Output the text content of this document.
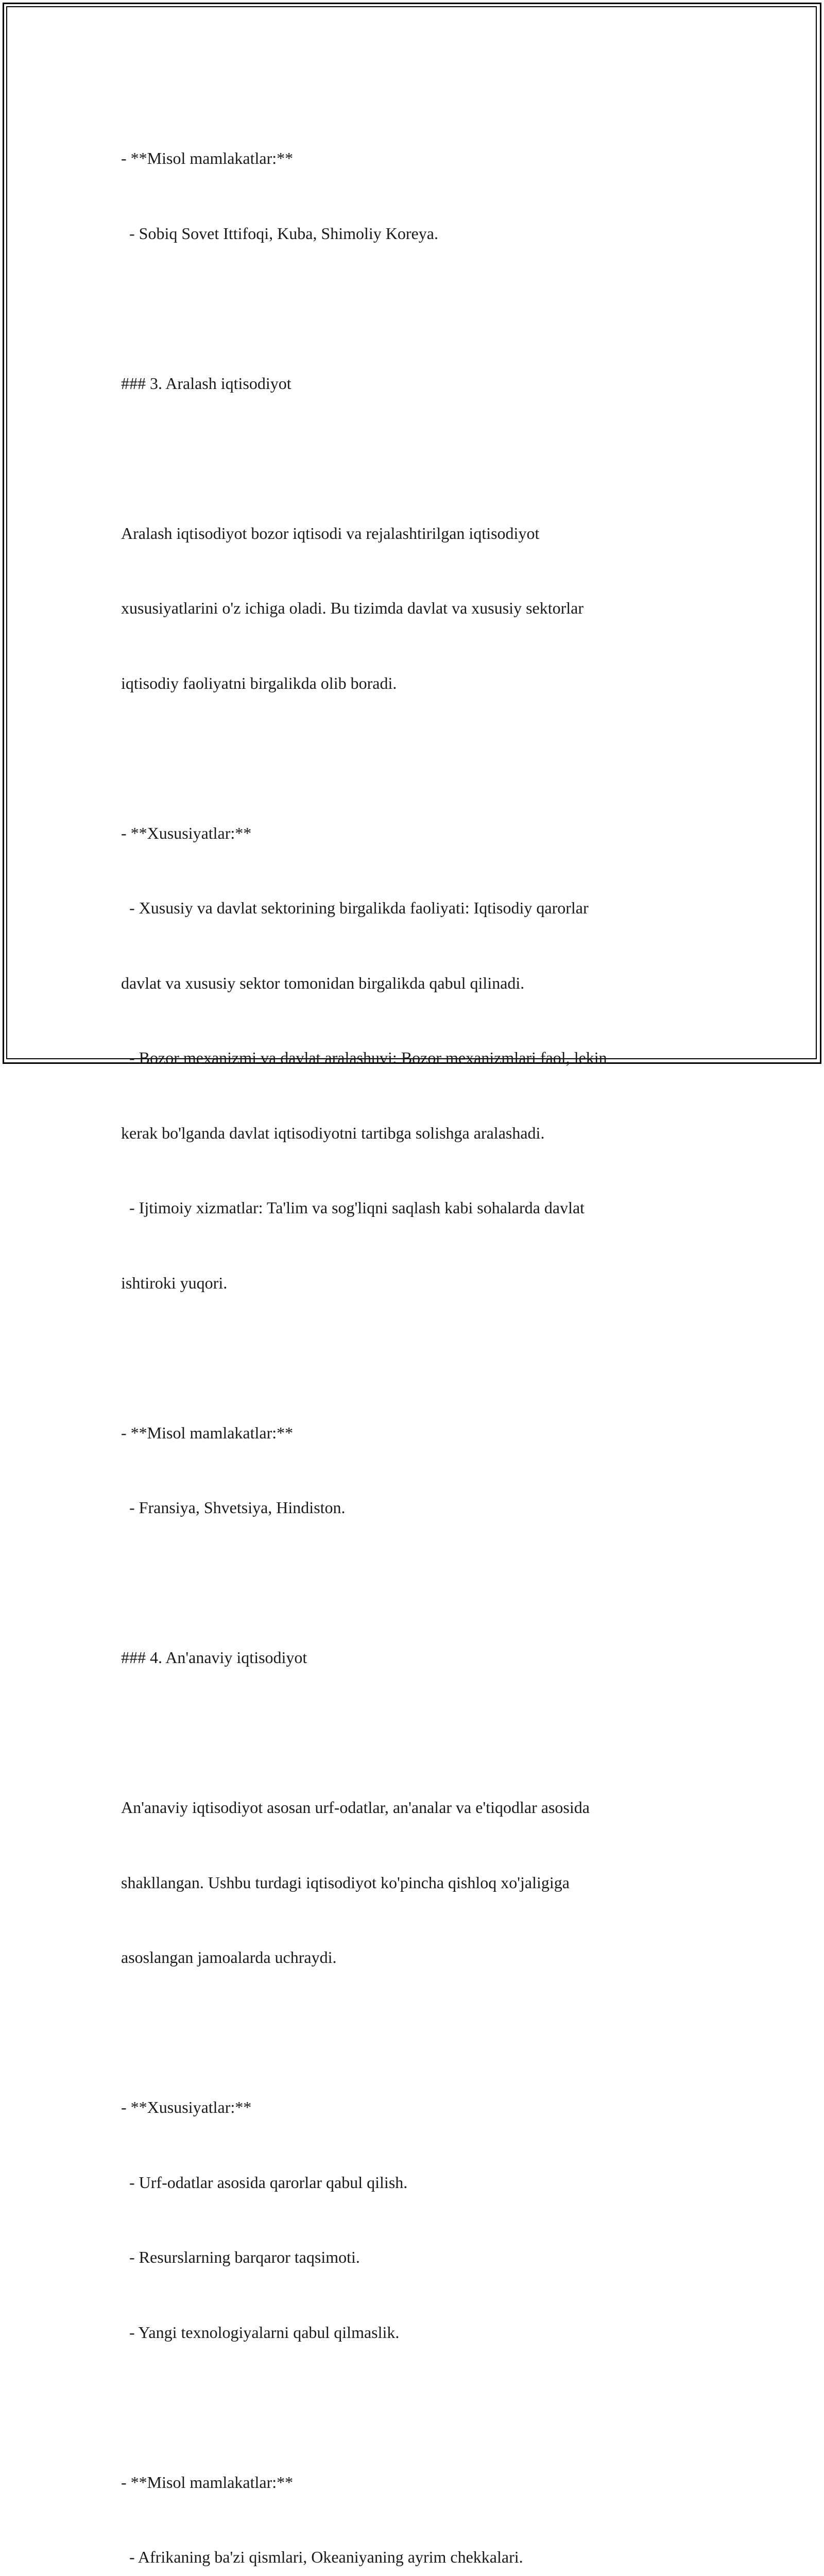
- **Misol mamlakatlar:**

- Sobiq Sovet Ittifoqi, Kuba, Shimoliy Koreya.

### 3. Aralash iqtisodiyot

Aralash iqtisodiyot bozor iqtisodi va rejalashtirilgan iqtisodiyot

xususiyatlarini o'z ichiga oladi. Bu tizimda davlat va xususiy sektorlar

iqtisodiy faoliyatni birgalikda olib boradi.

- **Xususiyatlar:**

- Xususiy va davlat sektorining birgalikda faoliyati: Iqtisodiy qarorlar

davlat va xususiy sektor tomonidan birgalikda qabul qilinadi.

- Bozor mexanizmi va davlat aralashuvi: Bozor mexanizmlari faol, lekin

kerak bo'lganda davlat iqtisodiyotni tartibga solishga aralashadi.

- Ijtimoiy xizmatlar: Ta'lim va sog'liqni saqlash kabi sohalarda davlat

ishtiroki yuqori.

- **Misol mamlakatlar:**

- Fransiya, Shvetsiya, Hindiston.

### 4. An'anaviy iqtisodiyot

An'anaviy iqtisodiyot asosan urf-odatlar, an'analar va e'tiqodlar asosida

shakllangan. Ushbu turdagi iqtisodiyot ko'pincha qishloq xo'jaligiga

asoslangan jamoalarda uchraydi.

- **Xususiyatlar:**

- Urf-odatlar asosida qarorlar qabul qilish.

- Resurslarning barqaror taqsimoti.

- Yangi texnologiyalarni qabul qilmaslik.

- **Misol mamlakatlar:**

- Afrikaning ba'zi qismlari, Okeaniyaning ayrim chekkalari.
